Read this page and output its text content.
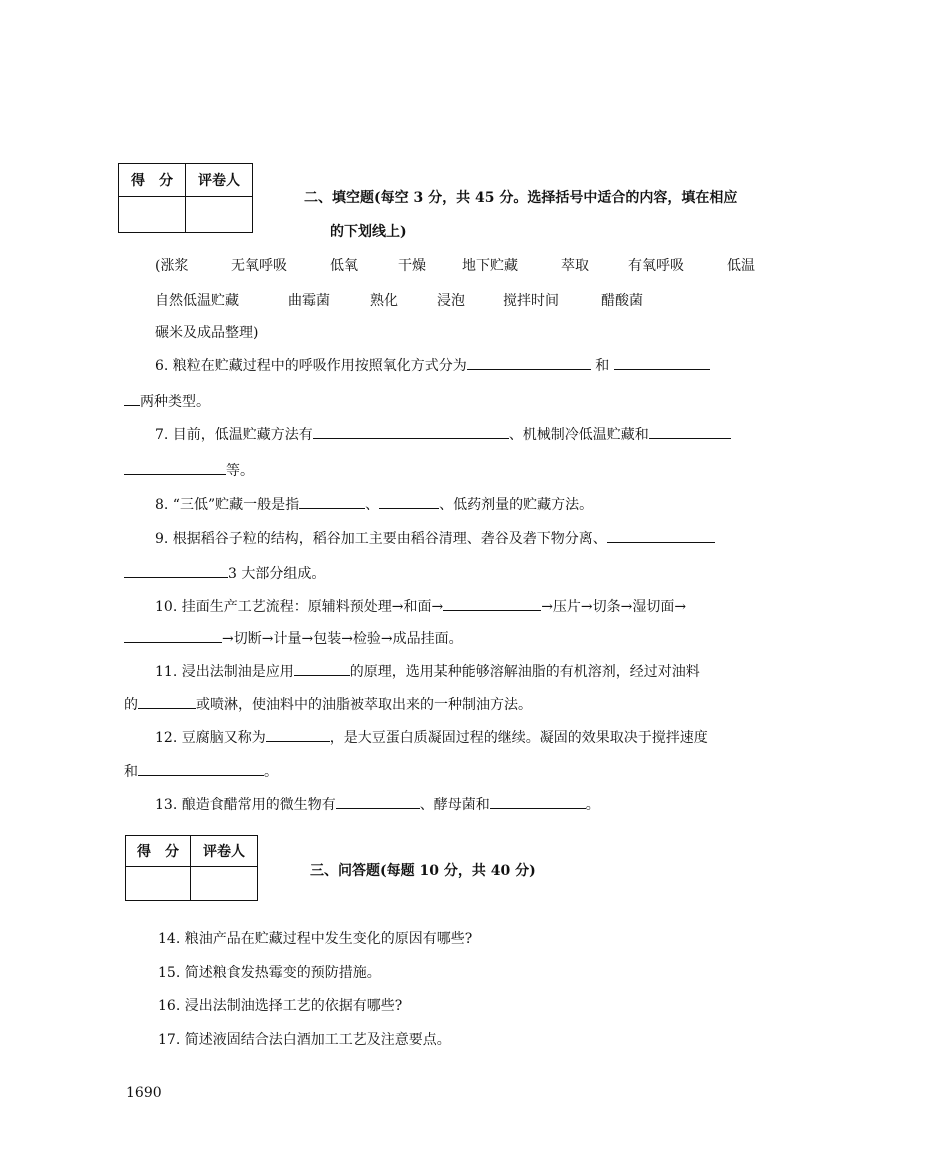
得　分	评卷人

二、填空题(每空 3 分，共 45 分。选择括号中适合的内容，填在相应
的下划线上)
(涨浆	无氧呼吸	低氧	干燥	地下贮藏	萃取	有氧呼吸	低温
自然低温贮藏	曲霉菌	熟化	浸泡	搅拌时间	醋酸菌
碾米及成品整理)
6. 粮粒在贮藏过程中的呼吸作用按照氧化方式分为	和
两种类型。
7. 目前，低温贮藏方法有	、机械制冷低温贮藏和
等。
8. “三低”贮藏一般是指	、	、低药剂量的贮藏方法。
9. 根据稻谷子粒的结构，稻谷加工主要由稻谷清理、砻谷及砻下物分离、
3 大部分组成。
10. 挂面生产工艺流程：原辅料预处理→和面→	→压片→切条→湿切面→
→切断→计量→包装→检验→成品挂面。
11. 浸出法制油是应用	的原理，选用某种能够溶解油脂的有机溶剂，经过对油料
的	或喷淋，使油料中的油脂被萃取出来的一种制油方法。
12. 豆腐脑又称为	，是大豆蛋白质凝固过程的继续。凝固的效果取决于搅拌速度
和	。
13. 酿造食醋常用的微生物有	、酵母菌和	。
得　分	评卷人

三、问答题(每题 10 分，共 40 分)
14. 粮油产品在贮藏过程中发生变化的原因有哪些?
15. 简述粮食发热霉变的预防措施。
16. 浸出法制油选择工艺的依据有哪些?
17. 简述液固结合法白酒加工工艺及注意要点。
1690
